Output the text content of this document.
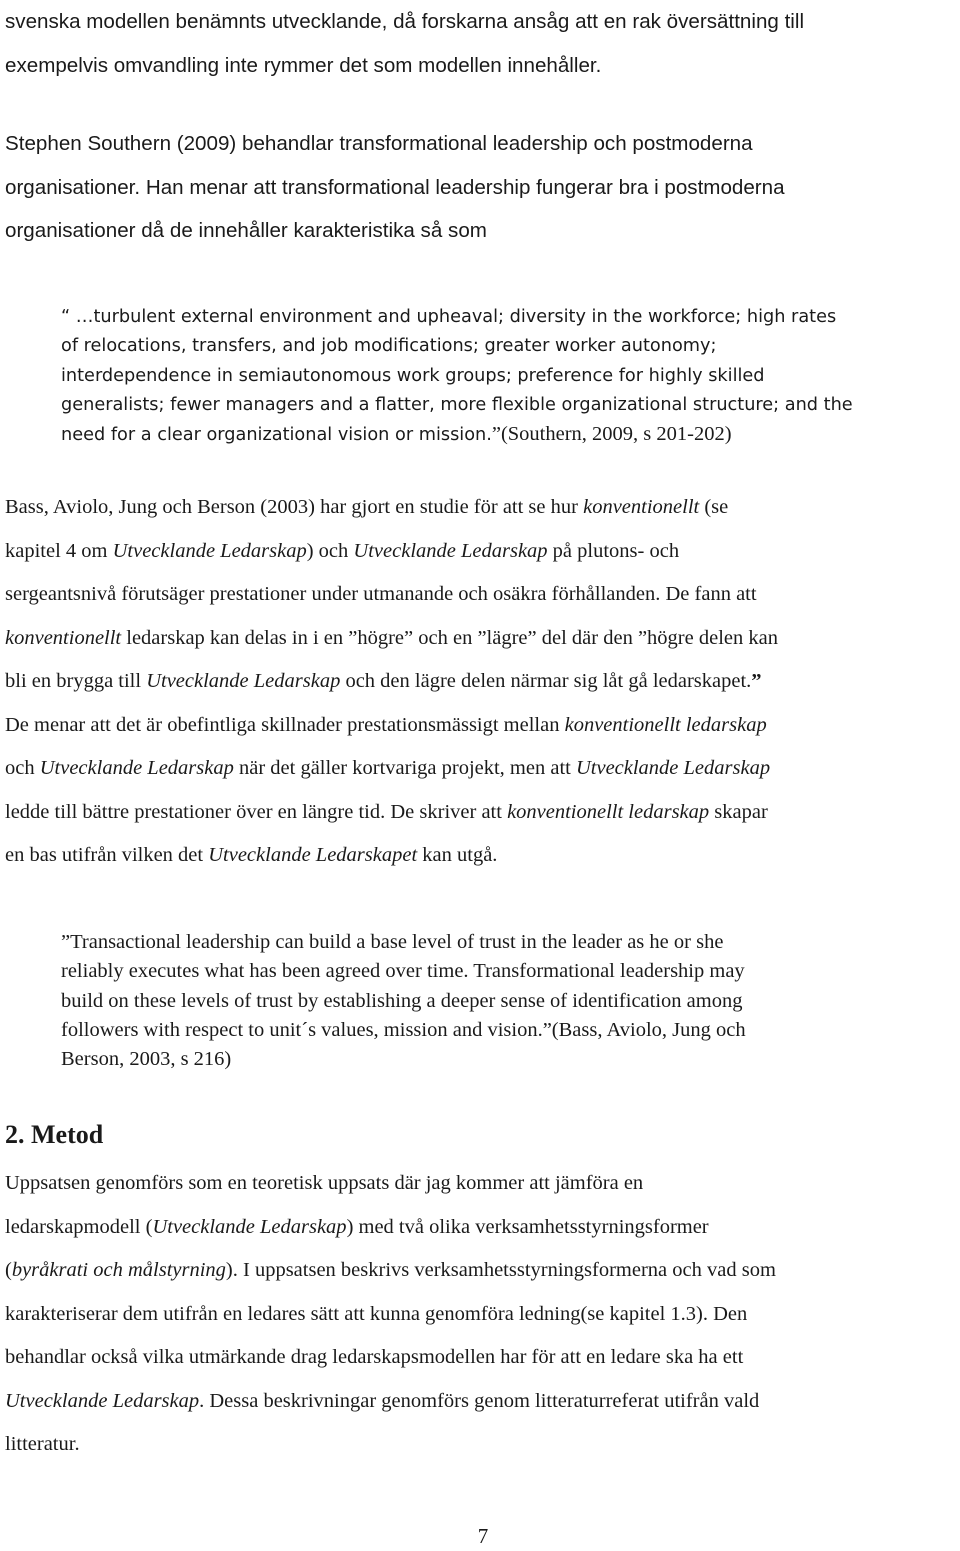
svenska modellen benämnts utvecklande, då forskarna ansåg att en rak översättning till

exempelvis omvandling inte rymmer det som modellen innehåller.

Stephen Southern (2009) behandlar transformational leadership och postmoderna

organisationer. Han menar att transformational leadership fungerar bra i postmoderna

organisationer då de innehåller karakteristika så som

“ …turbulent external environment and upheaval; diversity in the workforce; high rates

of relocations, transfers, and job modifications; greater worker autonomy;

interdependence in semiautonomous work groups; preference for highly skilled

generalists; fewer managers and a flatter, more flexible organizational structure; and the

need for a clear organizational vision or mission.”(Southern, 2009, s 201-202)

Bass, Aviolo, Jung och Berson (2003) har gjort en studie för att se hur konventionellt (se

kapitel 4 om Utvecklande Ledarskap) och Utvecklande Ledarskap på plutons- och

sergeantsnivå förutsäger prestationer under utmanande och osäkra förhållanden. De fann att

konventionellt ledarskap kan delas in i en ”högre” och en ”lägre” del där den ”högre delen kan

bli en brygga till Utvecklande Ledarskap och den lägre delen närmar sig låt gå ledarskapet.”

De menar att det är obefintliga skillnader prestationsmässigt mellan konventionellt ledarskap

och Utvecklande Ledarskap när det gäller kortvariga projekt, men att Utvecklande Ledarskap

ledde till bättre prestationer över en längre tid. De skriver att konventionellt ledarskap skapar

en bas utifrån vilken det Utvecklande Ledarskapet kan utgå.

”Transactional leadership can build a base level of trust in the leader as he or she

reliably executes what has been agreed over time. Transformational leadership may

build on these levels of trust by establishing a deeper sense of identification among

followers with respect to unit´s values, mission and vision.”(Bass, Aviolo, Jung och

Berson, 2003, s 216)

2. Metod

Uppsatsen genomförs som en teoretisk uppsats där jag kommer att jämföra en

ledarskapmodell (Utvecklande Ledarskap) med två olika verksamhetsstyrningsformer

(byråkrati och målstyrning). I uppsatsen beskrivs verksamhetsstyrningsformerna och vad som

karakteriserar dem utifrån en ledares sätt att kunna genomföra ledning(se kapitel 1.3). Den

behandlar också vilka utmärkande drag ledarskapsmodellen har för att en ledare ska ha ett

Utvecklande Ledarskap. Dessa beskrivningar genomförs genom litteraturreferat utifrån vald

litteratur.

7
